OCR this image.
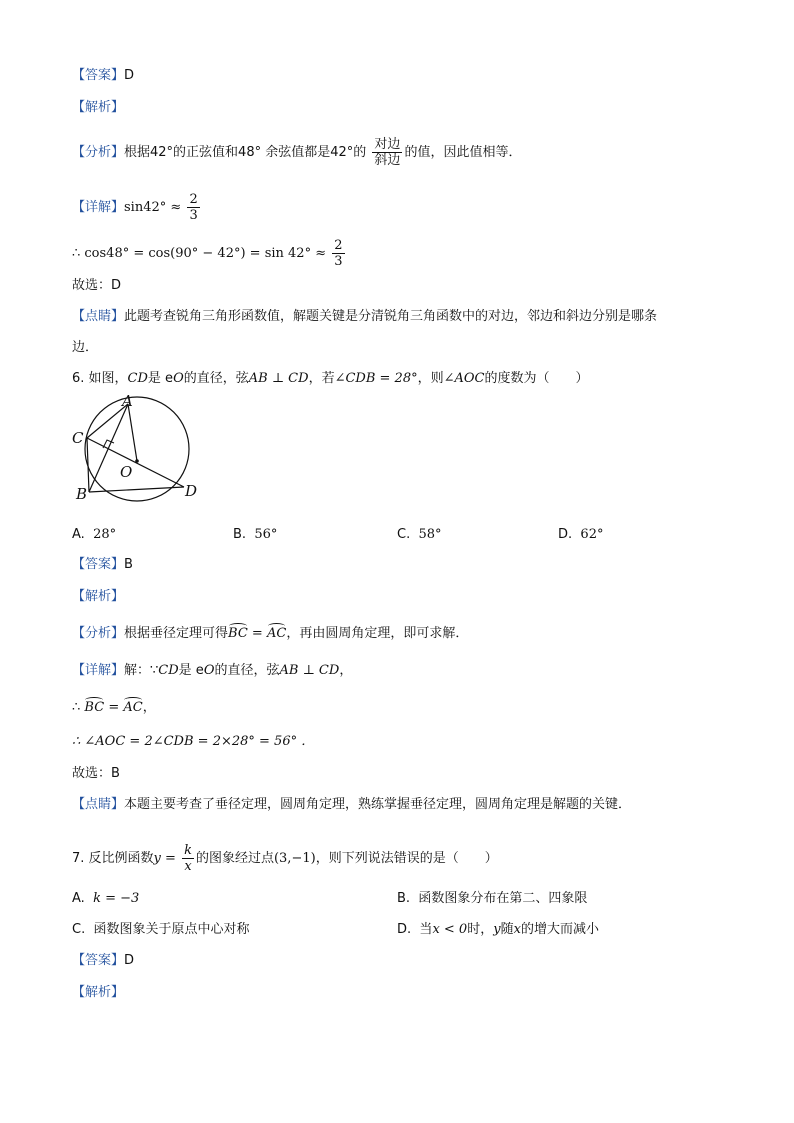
【答案】D
【解析】
【分析】根据42°的正弦值和48° 余弦值都是42°的 $\frac{\text{对边}}{\text{斜边}}$ 的值，因此值相等．
【详解】$\sin 42^\circ \approx \frac{2}{3}$
∴ $\cos 48^\circ = \cos(90^\circ - 42^\circ) = \sin 42^\circ \approx \frac{2}{3}$
故选：D
【点睛】此题考查锐角三角形函数值，解题关键是分清锐角三角函数中的对边，邻边和斜边分别是哪条
边．
6. 如图，CD是 eO的直径，弦AB ⊥ CD，若∠CDB = 28°，则∠AOC的度数为（　　）
A
C
B	D
O
A. 28°	B. 56°	C. 58°	D. 62°
【答案】B
【解析】
【分析】根据垂径定理可得BC = AC，再由圆周角定理，即可求解．
【详解】解：∵CD是 eO的直径，弦AB ⊥ CD，
∴ BC = AC，
∴ ∠AOC = 2∠CDB = 2×28° = 56° ．
故选：B
【点睛】本题主要考查了垂径定理，圆周角定理，熟练掌握垂径定理，圆周角定理是解题的关键．
7. 反比例函数$y = \frac{k}{x}$ 的图象经过点(3,−1)，则下列说法错误的是（　　）
A. k = −3	B. 函数图象分布在第二、四象限
C. 函数图象关于原点中心对称	D. 当x < 0时，y随x的增大而减小
【答案】D
【解析】
